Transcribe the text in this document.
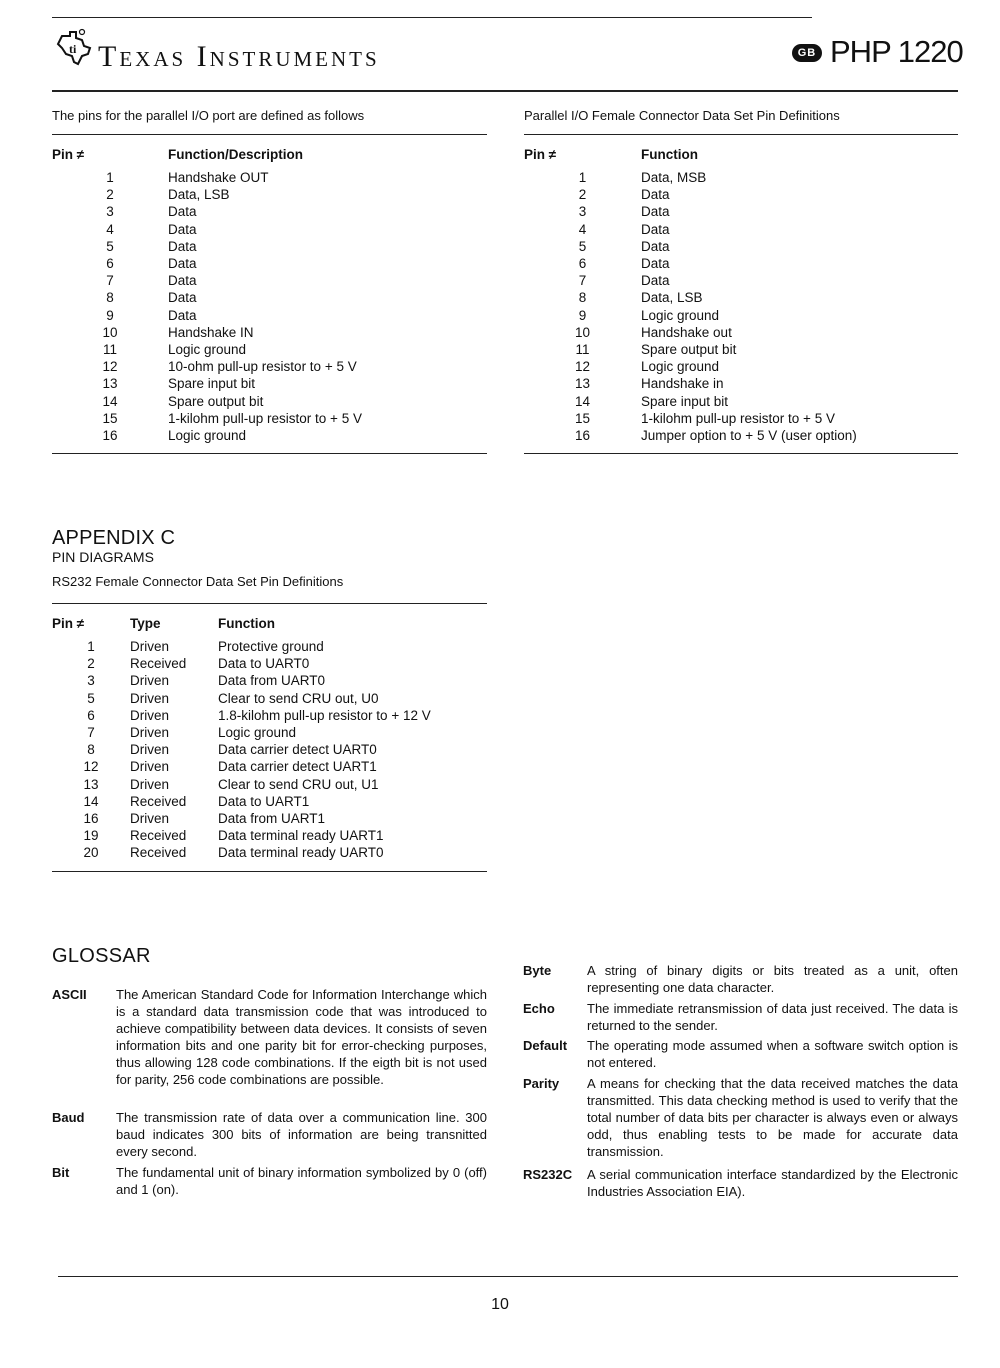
ti Texas Instruments	GB PHP 1220
The pins for the parallel I/O port are defined as follows
Pin ≠	Function/Description
1	Handshake OUT
2	Data, LSB
3	Data
4	Data
5	Data
6	Data
7	Data
8	Data
9	Data
10	Handshake IN
11	Logic ground
12	10-ohm pull-up resistor to + 5 V
13	Spare input bit
14	Spare output bit
15	1-kilohm pull-up resistor to + 5 V
16	Logic ground
Parallel I/O Female Connector Data Set Pin Definitions
Pin ≠	Function
1	Data, MSB
2	Data
3	Data
4	Data
5	Data
6	Data
7	Data
8	Data, LSB
9	Logic ground
10	Handshake out
11	Spare output bit
12	Logic ground
13	Handshake in
14	Spare input bit
15	1-kilohm pull-up resistor to + 5 V
16	Jumper option to + 5 V (user option)
APPENDIX C
PIN DIAGRAMS
RS232 Female Connector Data Set Pin Definitions
Pin ≠	Type	Function
1	Driven	Protective ground
2	Received	Data to UART0
3	Driven	Data from UART0
5	Driven	Clear to send CRU out, U0
6	Driven	1.8-kilohm pull-up resistor to + 12 V
7	Driven	Logic ground
8	Driven	Data carrier detect UART0
12	Driven	Data carrier detect UART1
13	Driven	Clear to send CRU out, U1
14	Received	Data to UART1
16	Driven	Data from UART1
19	Received	Data terminal ready UART1
20	Received	Data terminal ready UART0
GLOSSAR
ASCII The American Standard Code for Information Interchange which is a standard data transmission code that was introduced to achieve compatibility between data devices. It consists of seven information bits and one parity bit for error-checking purposes, thus allowing 128 code combinations. If the eigth bit is not used for parity, 256 code combinations are possible.
Baud The transmission rate of data over a communication line. 300 baud indicates 300 bits of information are being transnitted every second.
Bit	The fundamental unit of binary information symbolized by 0 (off) and 1 (on).
Byte	A string of binary digits or bits treated as a unit, often representing one data character.
Echo The immediate retransmission of data just received. The data is returned to the sender.
Default The operating mode assumed when a software switch option is not entered.
Parity A means for checking that the data received matches the data transmitted. This data checking method is used to verify that the total number of data bits per character is always even or always odd, thus enabling tests to be made for accurate data transmission.
RS232C A serial communication interface standardized by the Electronic Industries Association EIA).
10
